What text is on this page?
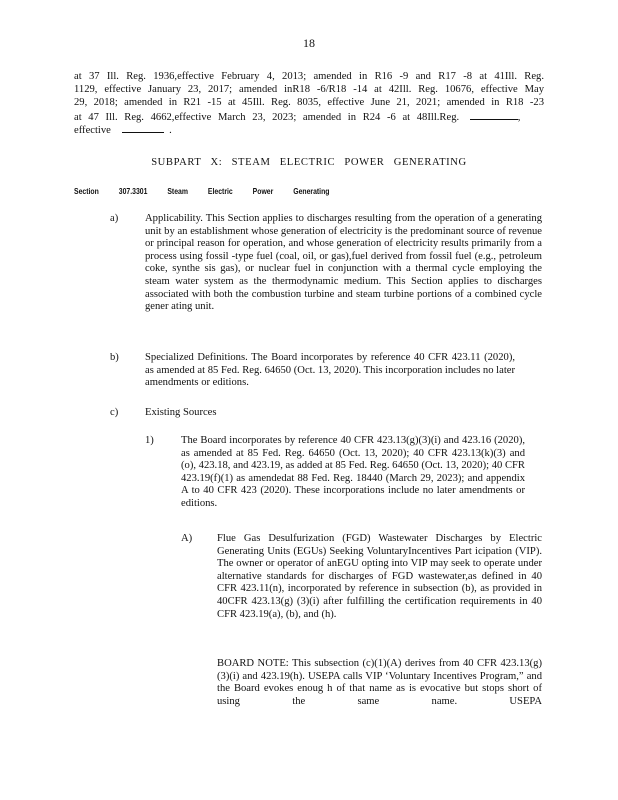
18
at 37 Ill. Reg. 1936,effective February 4, 2013; amended in R16 -9 and R17 -8 at 41Ill. Reg.
1129, effective January 23, 2017; amended inR18 -6/R18 -14 at 42Ill. Reg. 10676, effective May
29, 2018; amended in R21 -15 at 45Ill. Reg. 8035, effective June 21, 2021; amended in R18 -23
at 47 Ill. Reg. 4662,effective March 23, 2023; amended in R24 -6 at 48Ill.Reg.	,
effective	.
SUBPART X: STEAM ELECTRIC POWER GENERATING
Section 307.3301 Steam Electric Power Generating
a)	Applicability. This Section applies to discharges resulting from the operation of a generating unit by an establishment whose generation of electricity is the predominant source of revenue or principal reason for operation, and whose generation of electricity results primarily from a process using fossil -type fuel (coal, oil, or gas),fuel derived from fossil fuel (e.g., petroleum coke, synthe sis gas), or nuclear fuel in conjunction with a thermal cycle employing the steam water system as the thermodynamic medium. This Section applies to discharges associated with both the combustion turbine and steam turbine portions of a combined cycle gener ating unit.
b) Specialized Definitions. The Board incorporates by reference 40 CFR 423.11 (2020), as amended at 85 Fed. Reg. 64650 (Oct. 13, 2020). This incorporation includes no later amendments or editions.
c)	Existing Sources
1)	The Board incorporates by reference 40 CFR 423.13(g)(3)(i) and 423.16 (2020), as amended at 85 Fed. Reg. 64650 (Oct. 13, 2020); 40 CFR 423.13(k)(3) and (o), 423.18, and 423.19, as added at 85 Fed. Reg. 64650 (Oct. 13, 2020); 40 CFR 423.19(f)(1) as amendedat 88 Fed. Reg. 18440 (March 29, 2023); and appendix A to 40 CFR 423 (2020). These incorporations include no later amendments or editions.
A) Flue Gas Desulfurization (FGD) Wastewater Discharges by Electric Generating Units (EGUs) Seeking VoluntaryIncentives Part icipation (VIP). The owner or operator of anEGU opting into VIP may seek to operate under alternative standards for discharges of FGD wastewater,as defined in 40 CFR 423.11(n), incorporated by reference in subsection (b), as provided in 40CFR 423.13(g) (3)(i) after fulfilling the certification requirements in 40 CFR 423.19(a), (b), and (h).
BOARD NOTE: This subsection (c)(1)(A) derives from 40 CFR 423.13(g)(3)(i) and 423.19(h). USEPA calls VIP ‘Voluntary Incentives Program,” and the Board evokes enoug h of that name as is evocative but stops short of using the same name. USEPA
